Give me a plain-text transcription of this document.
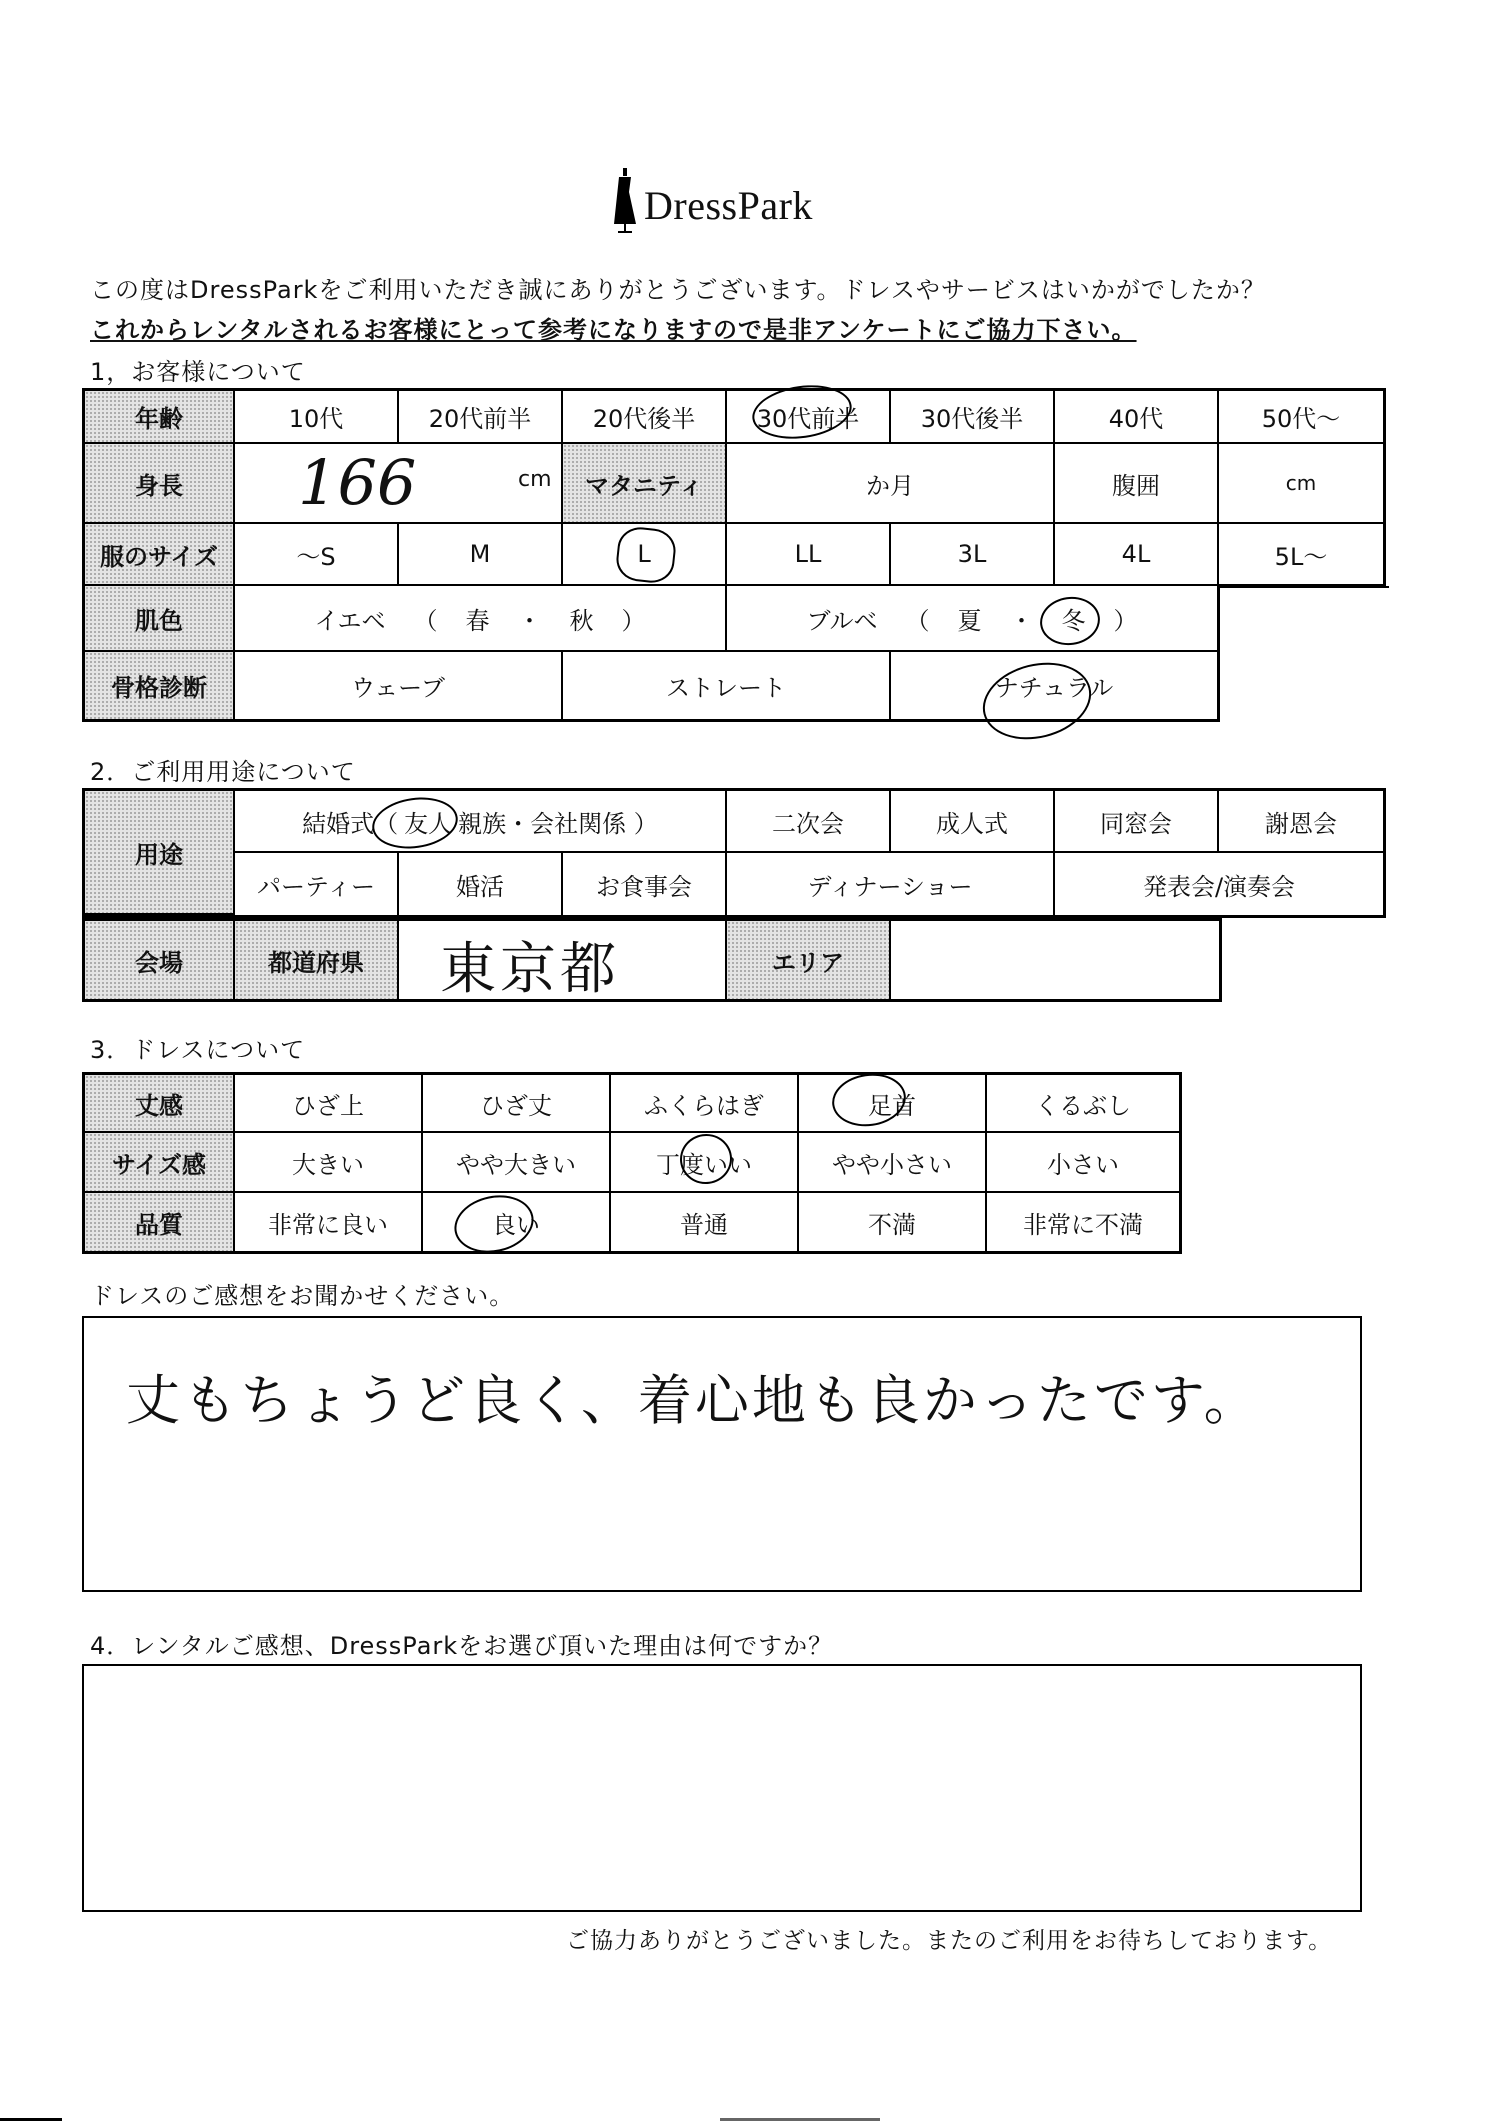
DressPark
この度はDressParkをご利用いただき誠にありがとうございます。ドレスやサービスはいかがでしたか？
これからレンタルされるお客様にとって参考になりますので是非アンケートにご協力下さい。
1，お客様について
年齢	10代	20代前半	20代後半	30代前半	30代後半	40代	50代～
身長	166	cm	マタニティ	か月	腹囲	cm
服のサイズ	～S	M	L	LL	3L	4L	5L～
肌色	イエベ （ 春 ・ 秋 ）	ブルベ （ 夏 ・ 冬 ）
骨格診断	ウェーブ	ストレート	ナチュラル
2．ご利用用途について
用途
結婚式（ 友人 親族・会社関係 ）	二次会	成人式	同窓会	謝恩会
パーティー	婚活	お食事会	ディナーショー	発表会/演奏会
会場	都道府県	東京都	エリア
3．ドレスについて
丈感	ひざ上	ひざ丈	ふくらはぎ	足首	くるぶし
サイズ感	大きい	やや大きい	丁度いい	やや小さい	小さい
品質	非常に良い	良い	普通	不満	非常に不満
ドレスのご感想をお聞かせください。
丈もちょうど良く、着心地も良かったです。
4．レンタルご感想、DressParkをお選び頂いた理由は何ですか？
ご協力ありがとうございました。またのご利用をお待ちしております。
